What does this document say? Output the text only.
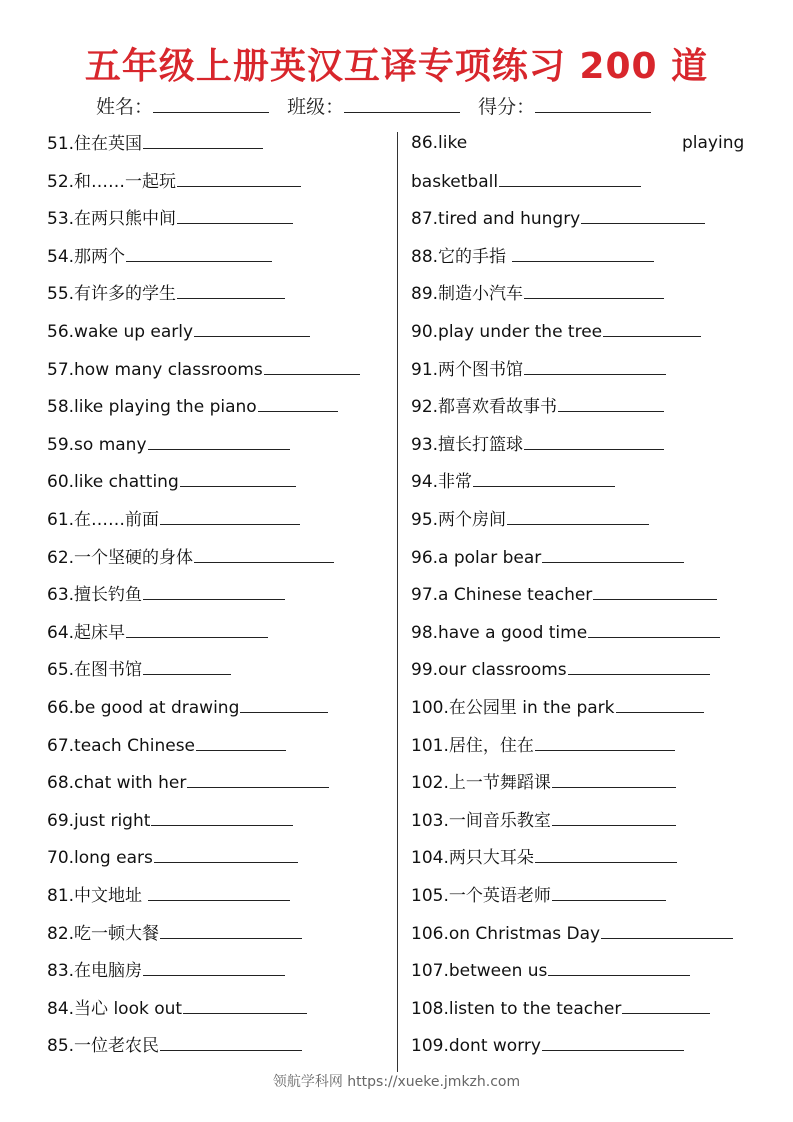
五年级上册英汉互译专项练习 200 道
姓名：	班级：	得分：
51.住在英国
52.和……一起玩
53.在两只熊中间
54.那两个
55.有许多的学生
56.wake up early
57.how many classrooms
58.like playing the piano
59.so many
60.like chatting
61.在……前面
62.一个坚硬的身体
63.擅长钓鱼
64.起床早
65.在图书馆
66.be good at drawing
67.teach Chinese
68.chat with her
69.just right
70.long ears
81.中文地址
82.吃一顿大餐
83.在电脑房
84.当心 look out
85.一位老农民
86.like
basketball
87.tired and hungry
88.它的手指
89.制造小汽车
90.play under the tree
91.两个图书馆
92.都喜欢看故事书
93.擅长打篮球
94.非常
95.两个房间
96.a polar bear
97.a Chinese teacher
98.have a good time
99.our classrooms
100.在公园里 in the park
101.居住，住在
102.上一节舞蹈课
103.一间音乐教室
104.两只大耳朵
105.一个英语老师
106.on Christmas Day
107.between us
108.listen to the teacher
109.dont worry
playing
领航学科网 https://xueke.jmkzh.com
